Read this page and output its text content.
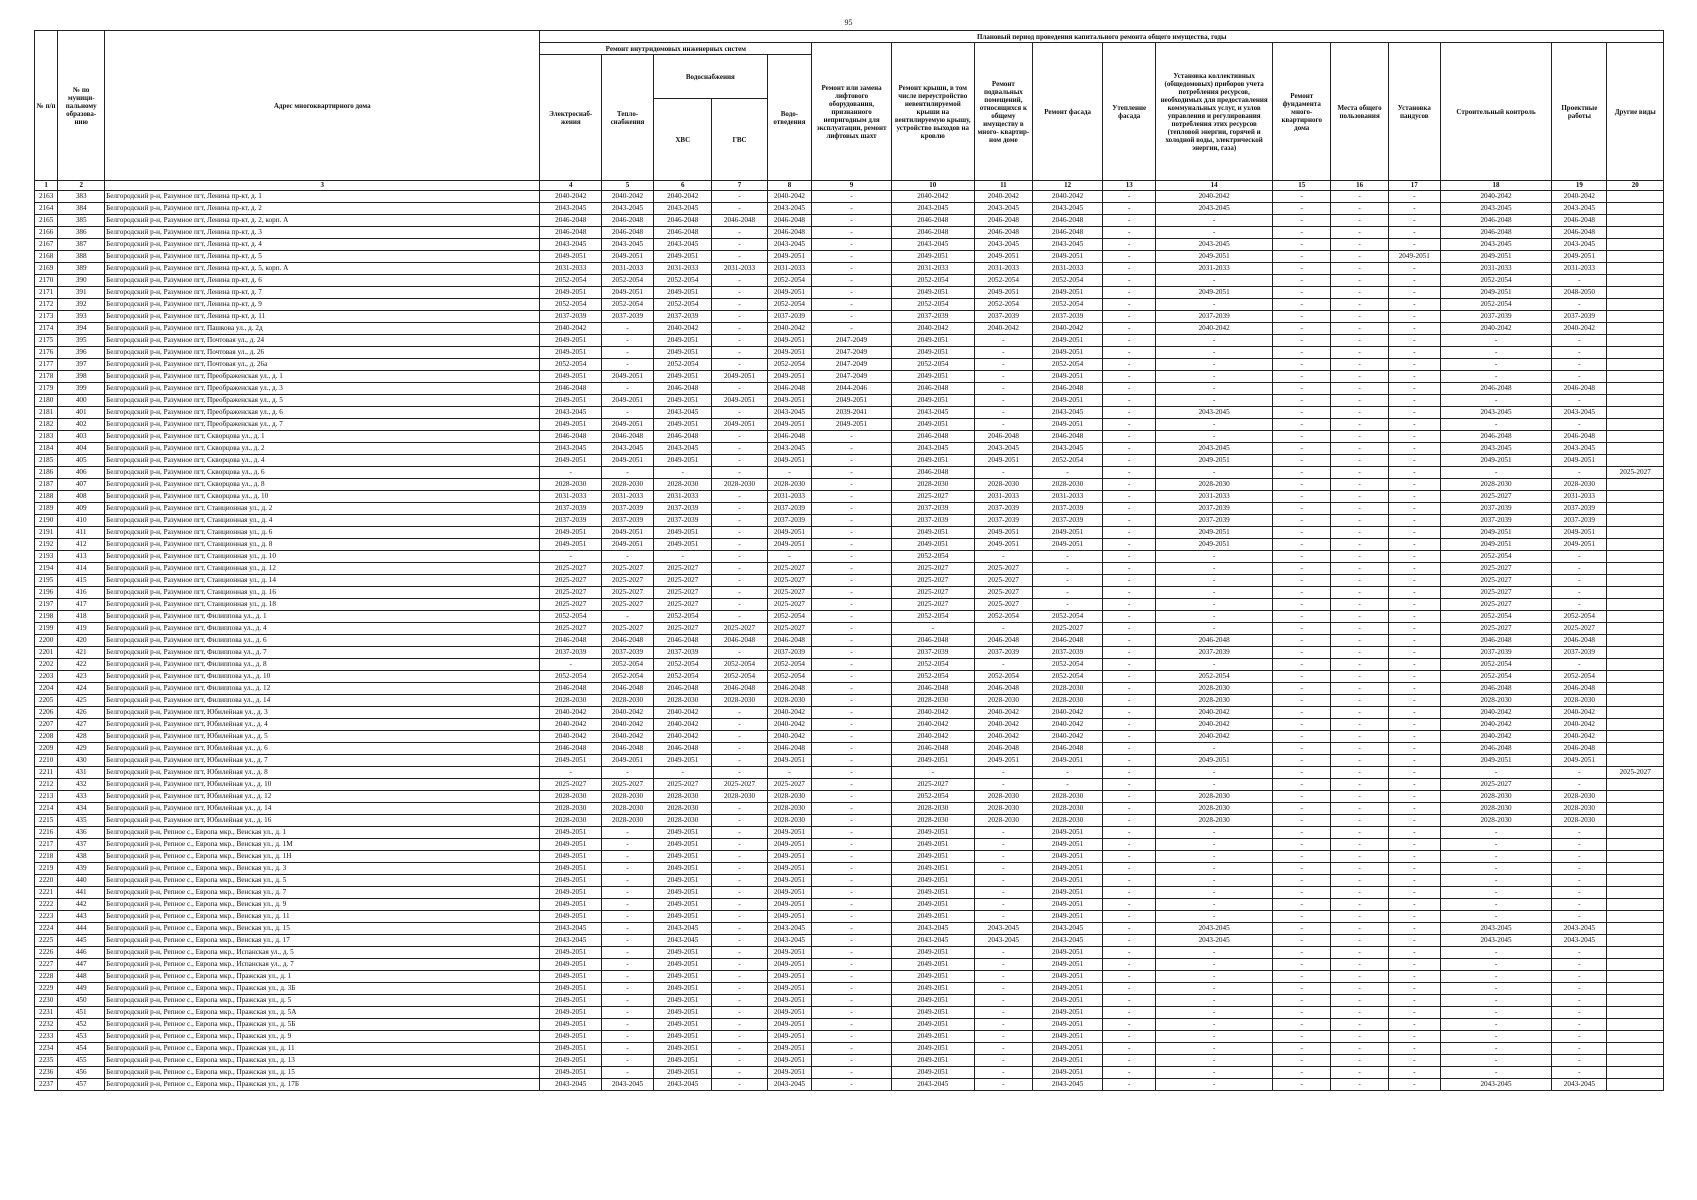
95
№ п/п	№ по муници- пальному образова- нию	Адрес многоквартирного дома	Плановый период проведения капитального ремонта общего имущества, годы																
			Ремонт внутридомовых инженерных систем					Ремонт или замена лифтового оборудования, признанного непригодным для эксплуатации, ремонт лифтовых шахт	Ремонт крыши, в том числе переустройство невентилируемой крыши на вентилируемую крышу, устройство выходов на кровлю	Ремонт подвальных помещений, относящихся к общему имуществу в много- квартир- ном доме	Ремонт фасада	Утепление фасада	Установка коллективных (общедомовых) приборов учета потребления ресурсов, необходимых для предоставления коммунальных услуг, и узлов управления и регулирования потребления этих ресурсов (тепловой энергии, горячей и холодной воды, электрической энергии, газа)	Ремонт фундамента много- квартирного дома	Места общего пользования	Установка пандусов	Строительный контроль	Проектные работы	Другие виды
			Электроснаб- жения	Тепло- снабжения	Водоснабжения		Водо- отведения												
					ХВС	ГВС													
1	2	3	4	5	6	7	8	9	10	11	12	13	14	15	16	17	18	19	20
2163	383	Белгородский р-н, Разумное пгт, Ленина пр-кт, д. 1	2040-2042	2040-2042	2040-2042	-	2040-2042	-	2040-2042	2040-2042	2040-2042	-	2040-2042	-	-	-	2040-2042	2040-2042	
2164	384	Белгородский р-н, Разумное пгт, Ленина пр-кт, д. 2	2043-2045	2043-2045	2043-2045	-	2043-2045	-	2043-2045	2043-2045	2043-2045	-	2043-2045	-	-	-	2043-2045	2043-2045	
2165	385	Белгородский р-н, Разумное пгт, Ленина пр-кт, д. 2, корп. А	2046-2048	2046-2048	2046-2048	2046-2048	2046-2048	-	2046-2048	2046-2048	2046-2048	-	-	-	-	-	2046-2048	2046-2048	
2166	386	Белгородский р-н, Разумное пгт, Ленина пр-кт, д. 3	2046-2048	2046-2048	2046-2048	-	2046-2048	-	2046-2048	2046-2048	2046-2048	-	-	-	-	-	2046-2048	2046-2048	
2167	387	Белгородский р-н, Разумное пгт, Ленина пр-кт, д. 4	2043-2045	2043-2045	2043-2045	-	2043-2045	-	2043-2045	2043-2045	2043-2045	-	2043-2045	-	-	-	2043-2045	2043-2045	
2168	388	Белгородский р-н, Разумное пгт, Ленина пр-кт, д. 5	2049-2051	2049-2051	2049-2051	-	2049-2051	-	2049-2051	2049-2051	2049-2051	-	2049-2051	-	-	2049-2051	2049-2051	2049-2051	
2169	389	Белгородский р-н, Разумное пгт, Ленина пр-кт, д. 5, корп. А	2031-2033	2031-2033	2031-2033	2031-2033	2031-2033	-	2031-2033	2031-2033	2031-2033	-	2031-2033	-	-	-	2031-2033	2031-2033	
2170	390	Белгородский р-н, Разумное пгт, Ленина пр-кт, д. 6	2052-2054	2052-2054	2052-2054	-	2052-2054	-	2052-2054	2052-2054	2052-2054	-	-	-	-	-	2052-2054	-	
2171	391	Белгородский р-н, Разумное пгт, Ленина пр-кт, д. 7	2049-2051	2049-2051	2049-2051	-	2049-2051	-	2049-2051	2049-2051	2049-2051	-	2049-2051	-	-	-	2049-2051	2048-2050	
2172	392	Белгородский р-н, Разумное пгт, Ленина пр-кт, д. 9	2052-2054	2052-2054	2052-2054	-	2052-2054	-	2052-2054	2052-2054	2052-2054	-	-	-	-	-	2052-2054	-	
2173	393	Белгородский р-н, Разумное пгт, Ленина пр-кт, д. 11	2037-2039	2037-2039	2037-2039	-	2037-2039	-	2037-2039	2037-2039	2037-2039	-	2037-2039	-	-	-	2037-2039	2037-2039	
2174	394	Белгородский р-н, Разумное пгт, Пашкова ул., д. 2д	2040-2042	-	2040-2042	-	2040-2042	-	2040-2042	2040-2042	2040-2042	-	2040-2042	-	-	-	2040-2042	2040-2042	
2175	395	Белгородский р-н, Разумное пгт, Почтовая ул., д. 24	2049-2051	-	2049-2051	-	2049-2051	2047-2049	2049-2051	-	2049-2051	-	-	-	-	-	-	-	
2176	396	Белгородский р-н, Разумное пгт, Почтовая ул., д. 26	2049-2051	-	2049-2051	-	2049-2051	2047-2049	2049-2051	-	2049-2051	-	-	-	-	-	-	-	
2177	397	Белгородский р-н, Разумное пгт, Почтовая ул., д. 26а	2052-2054	-	2052-2054	-	2052-2054	2047-2049	2052-2054	-	2052-2054	-	-	-	-	-	-	-	
2178	398	Белгородский р-н, Разумное пгт, Преображенская ул., д. 1	2049-2051	2049-2051	2049-2051	2049-2051	2049-2051	2047-2049	2049-2051	-	2049-2051	-	-	-	-	-	-	-	
2179	399	Белгородский р-н, Разумное пгт, Преображенская ул., д. 3	2046-2048	-	2046-2048	-	2046-2048	2044-2046	2046-2048	-	2046-2048	-	-	-	-	-	2046-2048	2046-2048	
2180	400	Белгородский р-н, Разумное пгт, Преображенская ул., д. 5	2049-2051	2049-2051	2049-2051	2049-2051	2049-2051	2049-2051	2049-2051	-	2049-2051	-	-	-	-	-	-	-	
2181	401	Белгородский р-н, Разумное пгт, Преображенская ул., д. 6	2043-2045	-	2043-2045	-	2043-2045	2039-2041	2043-2045	-	2043-2045	-	2043-2045	-	-	-	2043-2045	2043-2045	
2182	402	Белгородский р-н, Разумное пгт, Преображенская ул., д. 7	2049-2051	2049-2051	2049-2051	2049-2051	2049-2051	2049-2051	2049-2051	-	2049-2051	-	-	-	-	-	-	-	
2183	403	Белгородский р-н, Разумное пгт, Скворцова ул., д. 1	2046-2048	2046-2048	2046-2048	-	2046-2048	-	2046-2048	2046-2048	2046-2048	-	-	-	-	-	2046-2048	2046-2048	
2184	404	Белгородский р-н, Разумное пгт, Скворцова ул., д. 2	2043-2045	2043-2045	2043-2045	-	2043-2045	-	2043-2045	2043-2045	2043-2045	-	2043-2045	-	-	-	2043-2045	2043-2045	
2185	405	Белгородский р-н, Разумное пгт, Скворцова ул., д. 4	2049-2051	2049-2051	2049-2051	-	2049-2051	-	2049-2051	2049-2051	2052-2054	-	2049-2051	-	-	-	2049-2051	2049-2051	
2186	406	Белгородский р-н, Разумное пгт, Скворцова ул., д. 6	-	-	-	-	-	-	2046-2048	-	-	-	-	-	-	-	-	-	2025-2027
2187	407	Белгородский р-н, Разумное пгт, Скворцова ул., д. 8	2028-2030	2028-2030	2028-2030	2028-2030	2028-2030	-	2028-2030	2028-2030	2028-2030	-	2028-2030	-	-	-	2028-2030	2028-2030	
2188	408	Белгородский р-н, Разумное пгт, Скворцова ул., д. 10	2031-2033	2031-2033	2031-2033	-	2031-2033	-	2025-2027	2031-2033	2031-2033	-	2031-2033	-	-	-	2025-2027	2031-2033	
2189	409	Белгородский р-н, Разумное пгт, Станционная ул., д. 2	2037-2039	2037-2039	2037-2039	-	2037-2039	-	2037-2039	2037-2039	2037-2039	-	2037-2039	-	-	-	2037-2039	2037-2039	
2190	410	Белгородский р-н, Разумное пгт, Станционная ул., д. 4	2037-2039	2037-2039	2037-2039	-	2037-2039	-	2037-2039	2037-2039	2037-2039	-	2037-2039	-	-	-	2037-2039	2037-2039	
2191	411	Белгородский р-н, Разумное пгт, Станционная ул., д. 6	2049-2051	2049-2051	2049-2051	-	2049-2051	-	2049-2051	2049-2051	2049-2051	-	2049-2051	-	-	-	2049-2051	2049-2051	
2192	412	Белгородский р-н, Разумное пгт, Станционная ул., д. 8	2049-2051	2049-2051	2049-2051	-	2049-2051	-	2049-2051	2049-2051	2049-2051	-	2049-2051	-	-	-	2049-2051	2049-2051	
2193	413	Белгородский р-н, Разумное пгт, Станционная ул., д. 10	-	-	-	-	-	-	2052-2054	-	-	-	-	-	-	-	2052-2054	-	
2194	414	Белгородский р-н, Разумное пгт, Станционная ул., д. 12	2025-2027	2025-2027	2025-2027	-	2025-2027	-	2025-2027	2025-2027	-	-	-	-	-	-	2025-2027	-	
2195	415	Белгородский р-н, Разумное пгт, Станционная ул., д. 14	2025-2027	2025-2027	2025-2027	-	2025-2027	-	2025-2027	2025-2027	-	-	-	-	-	-	2025-2027	-	
2196	416	Белгородский р-н, Разумное пгт, Станционная ул., д. 16	2025-2027	2025-2027	2025-2027	-	2025-2027	-	2025-2027	2025-2027	-	-	-	-	-	-	2025-2027	-	
2197	417	Белгородский р-н, Разумное пгт, Станционная ул., д. 18	2025-2027	2025-2027	2025-2027	-	2025-2027	-	2025-2027	2025-2027	-	-	-	-	-	-	2025-2027	-	
2198	418	Белгородский р-н, Разумное пгт, Филиппова ул., д. 1	2052-2054	-	2052-2054	-	2052-2054	-	2052-2054	2052-2054	2052-2054	-	-	-	-	-	2052-2054	2052-2054	
2199	419	Белгородский р-н, Разумное пгт, Филиппова ул., д. 4	2025-2027	2025-2027	2025-2027	2025-2027	2025-2027	-	-	-	2025-2027	-	-	-	-	-	2025-2027	2025-2027	
2200	420	Белгородский р-н, Разумное пгт, Филиппова ул., д. 6	2046-2048	2046-2048	2046-2048	2046-2048	2046-2048	-	2046-2048	2046-2048	2046-2048	-	2046-2048	-	-	-	2046-2048	2046-2048	
2201	421	Белгородский р-н, Разумное пгт, Филиппова ул., д. 7	2037-2039	2037-2039	2037-2039	-	2037-2039	-	2037-2039	2037-2039	2037-2039	-	2037-2039	-	-	-	2037-2039	2037-2039	
2202	422	Белгородский р-н, Разумное пгт, Филиппова ул., д. 8	-	2052-2054	2052-2054	2052-2054	2052-2054	-	2052-2054	-	2052-2054	-	-	-	-	-	2052-2054	-	
2203	423	Белгородский р-н, Разумное пгт, Филиппова ул., д. 10	2052-2054	2052-2054	2052-2054	2052-2054	2052-2054	-	2052-2054	2052-2054	2052-2054	-	2052-2054	-	-	-	2052-2054	2052-2054	
2204	424	Белгородский р-н, Разумное пгт, Филиппова ул., д. 12	2046-2048	2046-2048	2046-2048	2046-2048	2046-2048	-	2046-2048	2046-2048	2028-2030	-	2028-2030	-	-	-	2046-2048	2046-2048	
2205	425	Белгородский р-н, Разумное пгт, Филиппова ул., д. 14	2028-2030	2028-2030	2028-2030	2028-2030	2028-2030	-	2028-2030	2028-2030	2028-2030	-	2028-2030	-	-	-	2028-2030	2028-2030	
2206	426	Белгородский р-н, Разумное пгт, Юбилейная ул., д. 3	2040-2042	2040-2042	2040-2042	-	2040-2042	-	2040-2042	2040-2042	2040-2042	-	2040-2042	-	-	-	2040-2042	2040-2042	
2207	427	Белгородский р-н, Разумное пгт, Юбилейная ул., д. 4	2040-2042	2040-2042	2040-2042	-	2040-2042	-	2040-2042	2040-2042	2040-2042	-	2040-2042	-	-	-	2040-2042	2040-2042	
2208	428	Белгородский р-н, Разумное пгт, Юбилейная ул., д. 5	2040-2042	2040-2042	2040-2042	-	2040-2042	-	2040-2042	2040-2042	2040-2042	-	2040-2042	-	-	-	2040-2042	2040-2042	
2209	429	Белгородский р-н, Разумное пгт, Юбилейная ул., д. 6	2046-2048	2046-2048	2046-2048	-	2046-2048	-	2046-2048	2046-2048	2046-2048	-	-	-	-	-	2046-2048	2046-2048	
2210	430	Белгородский р-н, Разумное пгт, Юбилейная ул., д. 7	2049-2051	2049-2051	2049-2051	-	2049-2051	-	2049-2051	2049-2051	2049-2051	-	2049-2051	-	-	-	2049-2051	2049-2051	
2211	431	Белгородский р-н, Разумное пгт, Юбилейная ул., д. 8	-	-	-	-	-	-	-	-	-	-	-	-	-	-	-	-	2025-2027
2212	432	Белгородский р-н, Разумное пгт, Юбилейная ул., д. 10	2025-2027	2025-2027	2025-2027	2025-2027	2025-2027	-	2025-2027	-	-	-	-	-	-	-	2025-2027	-	
2213	433	Белгородский р-н, Разумное пгт, Юбилейная ул., д. 12	2028-2030	2028-2030	2028-2030	2028-2030	2028-2030	-	2052-2054	2028-2030	2028-2030	-	2028-2030	-	-	-	2028-2030	2028-2030	
2214	434	Белгородский р-н, Разумное пгт, Юбилейная ул., д. 14	2028-2030	2028-2030	2028-2030	-	2028-2030	-	2028-2030	2028-2030	2028-2030	-	2028-2030	-	-	-	2028-2030	2028-2030	
2215	435	Белгородский р-н, Разумное пгт, Юбилейная ул., д. 16	2028-2030	2028-2030	2028-2030	-	2028-2030	-	2028-2030	2028-2030	2028-2030	-	2028-2030	-	-	-	2028-2030	2028-2030	
2216	436	Белгородский р-н, Репное с., Европа мкр., Венская ул., д. 1	2049-2051	-	2049-2051	-	2049-2051	-	2049-2051	-	2049-2051	-	-	-	-	-	-	-	
2217	437	Белгородский р-н, Репное с., Европа мкр., Венская ул., д. 1М	2049-2051	-	2049-2051	-	2049-2051	-	2049-2051	-	2049-2051	-	-	-	-	-	-	-	
2218	438	Белгородский р-н, Репное с., Европа мкр., Венская ул., д. 1Н	2049-2051	-	2049-2051	-	2049-2051	-	2049-2051	-	2049-2051	-	-	-	-	-	-	-	
2219	439	Белгородский р-н, Репное с., Европа мкр., Венская ул., д. 3	2049-2051	-	2049-2051	-	2049-2051	-	2049-2051	-	2049-2051	-	-	-	-	-	-	-	
2220	440	Белгородский р-н, Репное с., Европа мкр., Венская ул., д. 5	2049-2051	-	2049-2051	-	2049-2051	-	2049-2051	-	2049-2051	-	-	-	-	-	-	-	
2221	441	Белгородский р-н, Репное с., Европа мкр., Венская ул., д. 7	2049-2051	-	2049-2051	-	2049-2051	-	2049-2051	-	2049-2051	-	-	-	-	-	-	-	
2222	442	Белгородский р-н, Репное с., Европа мкр., Венская ул., д. 9	2049-2051	-	2049-2051	-	2049-2051	-	2049-2051	-	2049-2051	-	-	-	-	-	-	-	
2223	443	Белгородский р-н, Репное с., Европа мкр., Венская ул., д. 11	2049-2051	-	2049-2051	-	2049-2051	-	2049-2051	-	2049-2051	-	-	-	-	-	-	-	
2224	444	Белгородский р-н, Репное с., Европа мкр., Венская ул., д. 15	2043-2045	-	2043-2045	-	2043-2045	-	2043-2045	2043-2045	2043-2045	-	2043-2045	-	-	-	2043-2045	2043-2045	
2225	445	Белгородский р-н, Репное с., Европа мкр., Венская ул., д. 17	2043-2045	-	2043-2045	-	2043-2045	-	2043-2045	2043-2045	2043-2045	-	2043-2045	-	-	-	2043-2045	2043-2045	
2226	446	Белгородский р-н, Репное с., Европа мкр., Испанская ул., д. 5	2049-2051	-	2049-2051	-	2049-2051	-	2049-2051	-	2049-2051	-	-	-	-	-	-	-	
2227	447	Белгородский р-н, Репное с., Европа мкр., Испанская ул., д. 7	2049-2051	-	2049-2051	-	2049-2051	-	2049-2051	-	2049-2051	-	-	-	-	-	-	-	
2228	448	Белгородский р-н, Репное с., Европа мкр., Пражская ул., д. 1	2049-2051	-	2049-2051	-	2049-2051	-	2049-2051	-	2049-2051	-	-	-	-	-	-	-	
2229	449	Белгородский р-н, Репное с., Европа мкр., Пражская ул., д. 3Б	2049-2051	-	2049-2051	-	2049-2051	-	2049-2051	-	2049-2051	-	-	-	-	-	-	-	
2230	450	Белгородский р-н, Репное с., Европа мкр., Пражская ул., д. 5	2049-2051	-	2049-2051	-	2049-2051	-	2049-2051	-	2049-2051	-	-	-	-	-	-	-	
2231	451	Белгородский р-н, Репное с., Европа мкр., Пражская ул., д. 5А	2049-2051	-	2049-2051	-	2049-2051	-	2049-2051	-	2049-2051	-	-	-	-	-	-	-	
2232	452	Белгородский р-н, Репное с., Европа мкр., Пражская ул., д. 5Б	2049-2051	-	2049-2051	-	2049-2051	-	2049-2051	-	2049-2051	-	-	-	-	-	-	-	
2233	453	Белгородский р-н, Репное с., Европа мкр., Пражская ул., д. 9	2049-2051	-	2049-2051	-	2049-2051	-	2049-2051	-	2049-2051	-	-	-	-	-	-	-	
2234	454	Белгородский р-н, Репное с., Европа мкр., Пражская ул., д. 11	2049-2051	-	2049-2051	-	2049-2051	-	2049-2051	-	2049-2051	-	-	-	-	-	-	-	
2235	455	Белгородский р-н, Репное с., Европа мкр., Пражская ул., д. 13	2049-2051	-	2049-2051	-	2049-2051	-	2049-2051	-	2049-2051	-	-	-	-	-	-	-	
2236	456	Белгородский р-н, Репное с., Европа мкр., Пражская ул., д. 15	2049-2051	-	2049-2051	-	2049-2051	-	2049-2051	-	2049-2051	-	-	-	-	-	-	-	
2237	457	Белгородский р-н, Репное с., Европа мкр., Пражская ул., д. 17Б	2043-2045	2043-2045	2043-2045	-	2043-2045	-	2043-2045	-	2043-2045	-	-	-	-	-	2043-2045	2043-2045	
